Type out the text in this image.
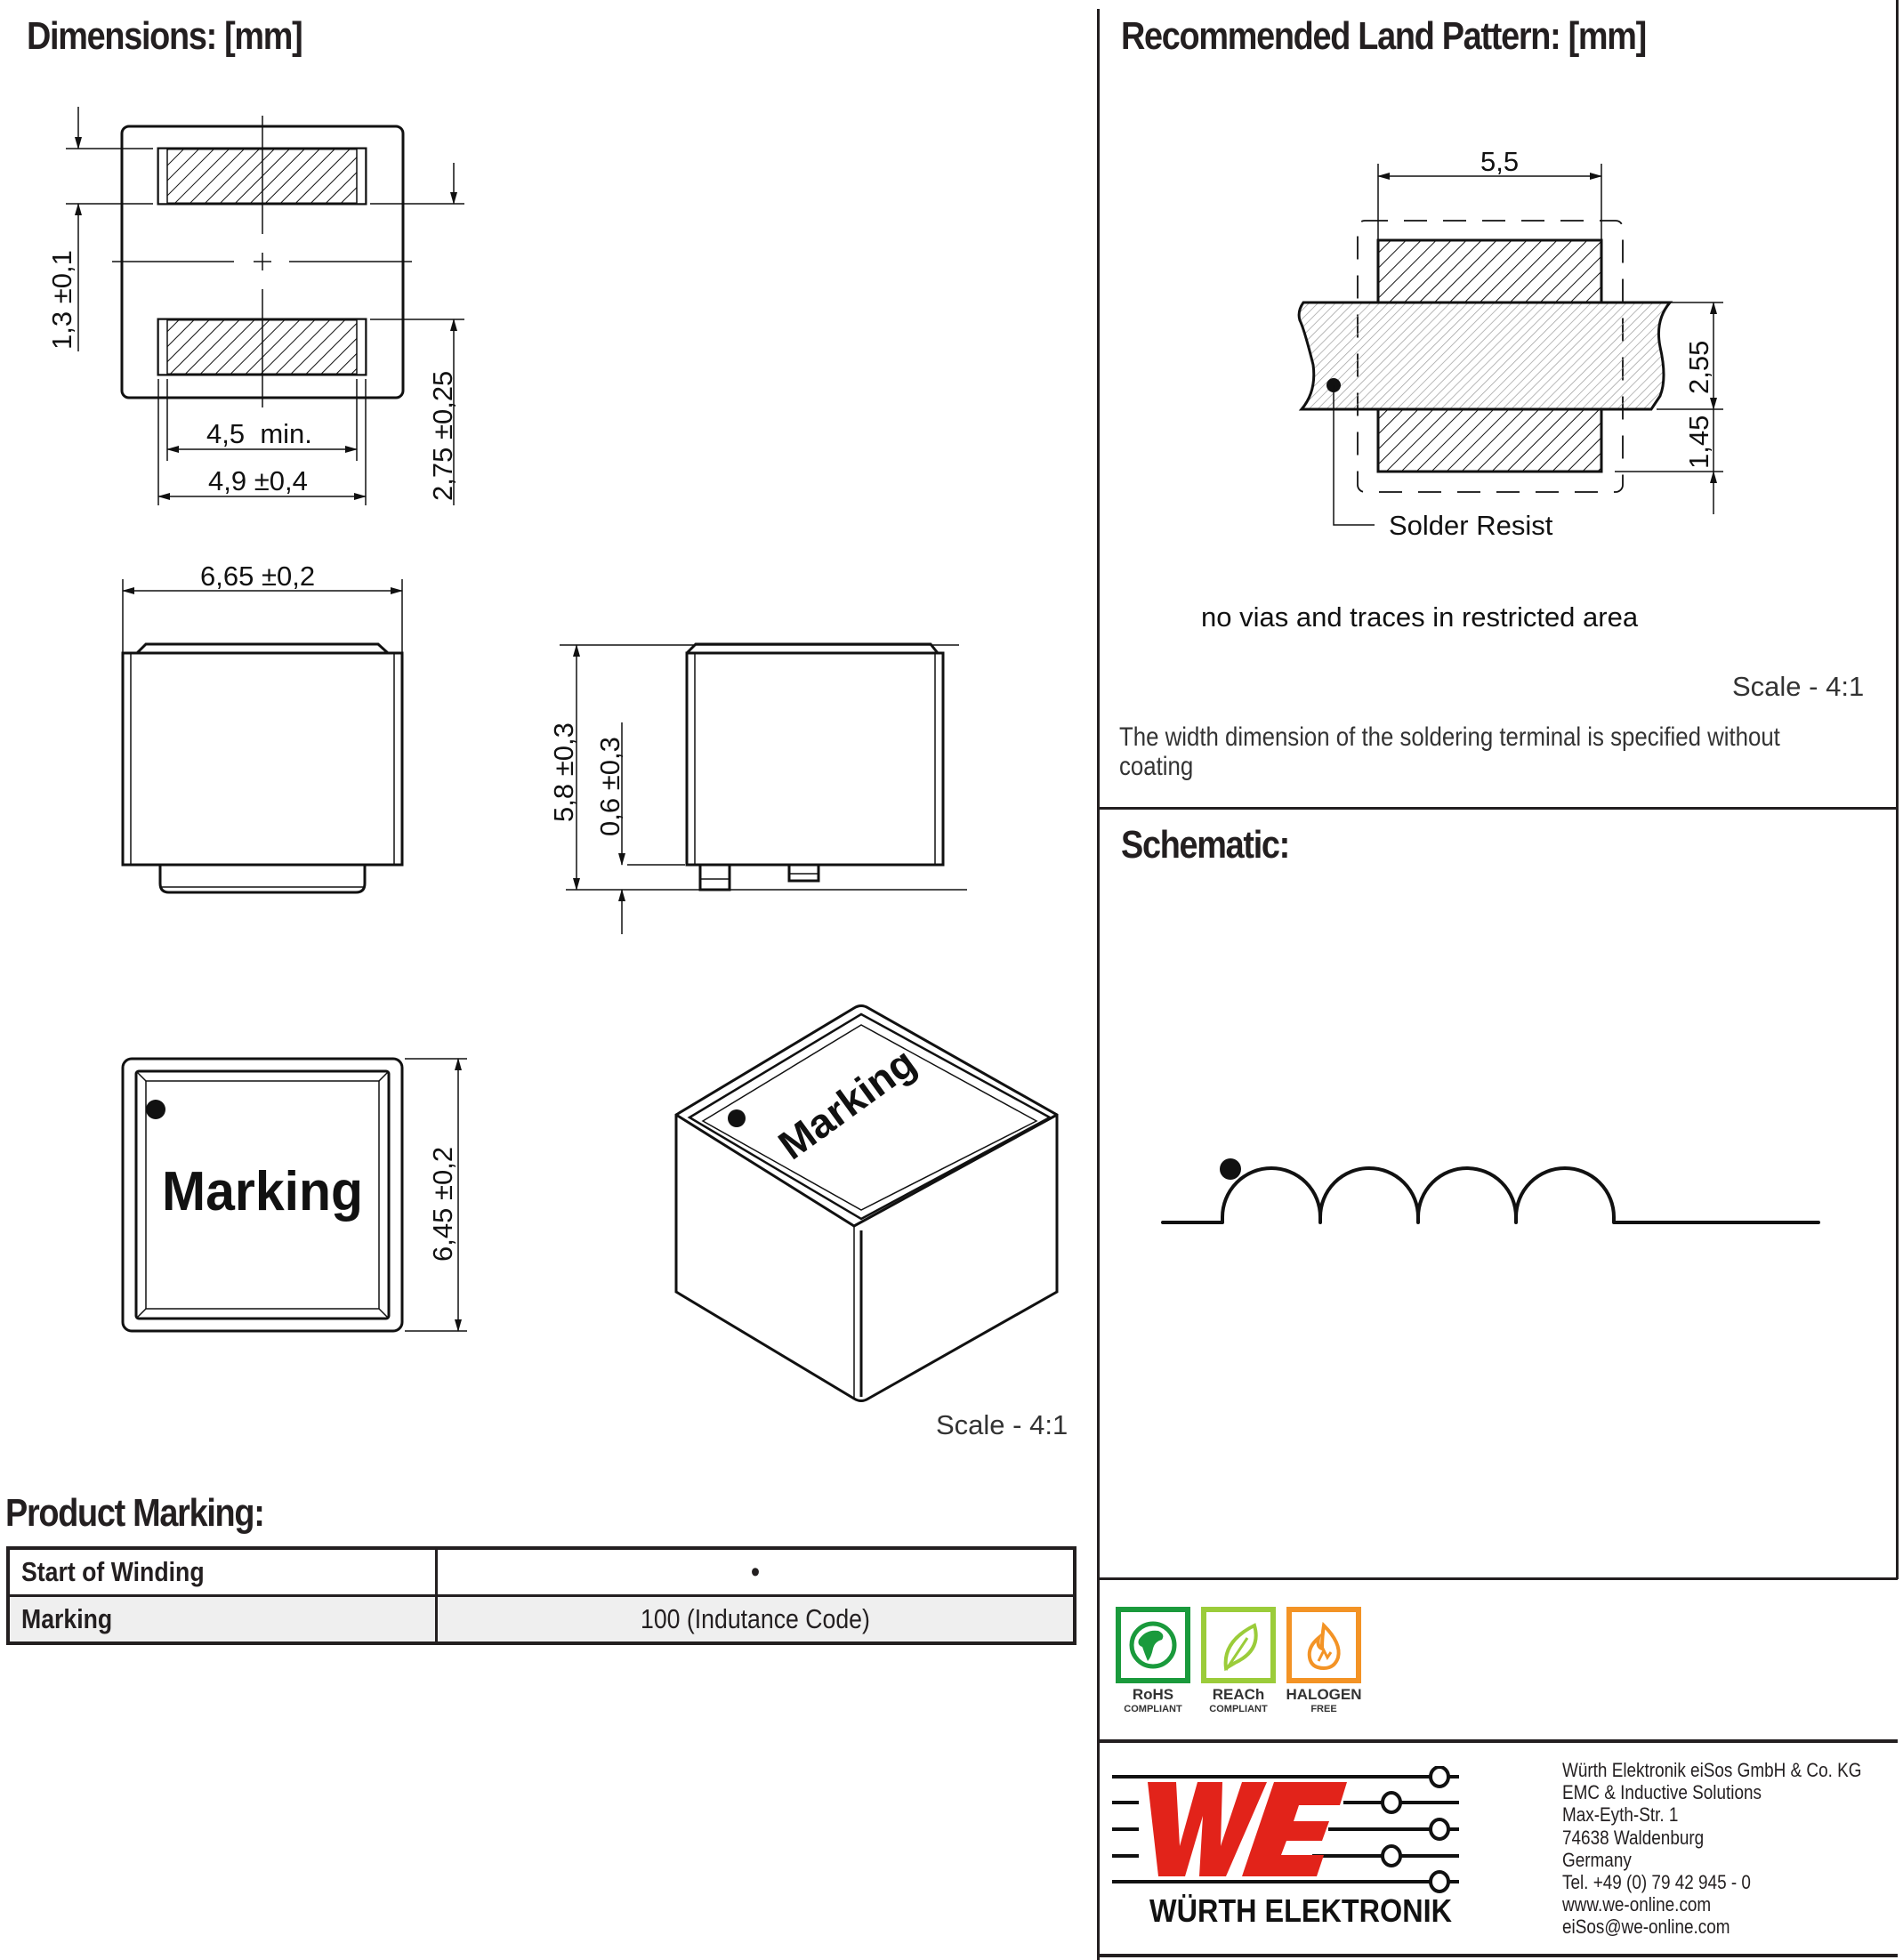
Dimensions: [mm]	Recommended Land Pattern: [mm]
Schematic:
Product Marking:
1,3 ±0,1
2,75 ±0,25
4,5  min.
4,9 ±0,4
6,65 ±0,2
5,8 ±0,3 0,6 ±0,3
Marking 6,45 ±0,2
Marking
Scale - 4:1
5,5
2,55
1,45
Solder Resist
no vias and traces in restricted area
Scale - 4:1
The width dimension of the soldering terminal is specified without coating
Start of Winding	•
Marking	100 (Indutance Code)
RoHS
COMPLIANT
REACh
COMPLIANT
HALOGEN
FREE
WÜRTH ELEKTRONIK
Würth Elektronik eiSos GmbH & Co. KG
EMC & Inductive Solutions
Max-Eyth-Str. 1
74638 Waldenburg
Germany
Tel. +49 (0) 79 42 945 - 0
www.we-online.com
eiSos@we-online.com
